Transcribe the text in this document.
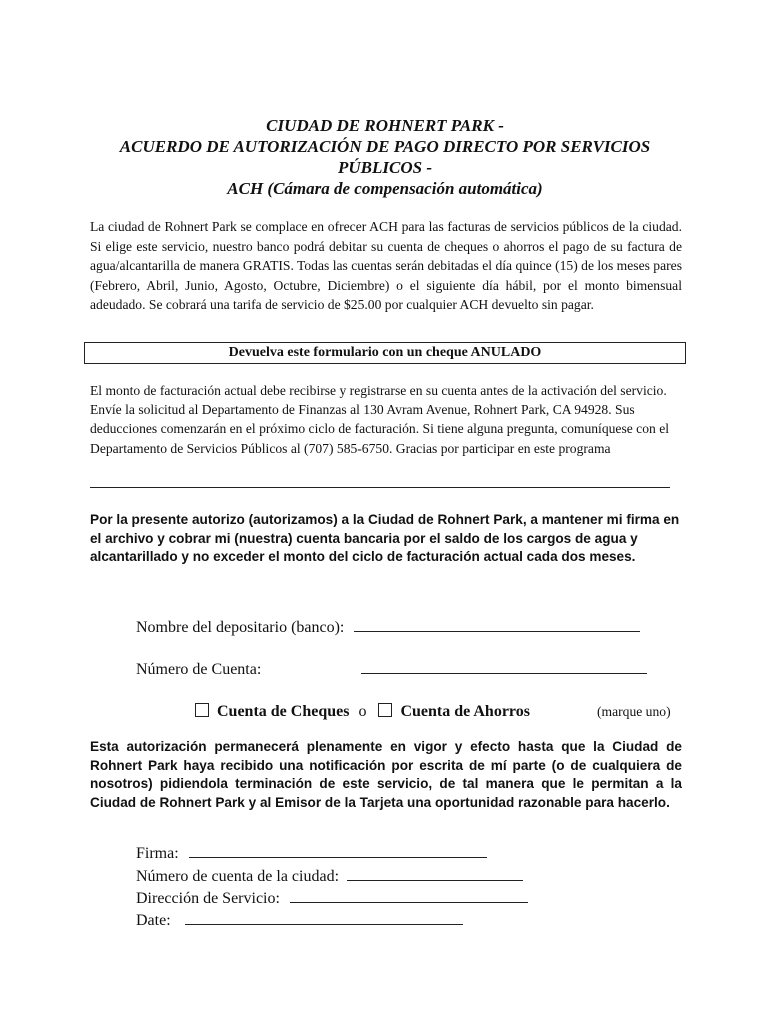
CIUDAD DE ROHNERT PARK -
ACUERDO DE AUTORIZACIÓN DE PAGO DIRECTO POR SERVICIOS
PÚBLICOS -
ACH (Cámara de compensación automática)
La ciudad de Rohnert Park se complace en ofrecer ACH para las facturas de servicios públicos de la ciudad. Si elige este servicio, nuestro banco podrá debitar su cuenta de cheques o ahorros el pago de su factura de agua/alcantarilla de manera GRATIS. Todas las cuentas serán debitadas el día quince (15) de los meses pares (Febrero, Abril, Junio, Agosto, Octubre, Diciembre) o el siguiente día hábil, por el monto bimensual adeudado. Se cobrará una tarifa de servicio de $25.00 por cualquier ACH devuelto sin pagar.
Devuelva este formulario con un cheque ANULADO
El monto de facturación actual debe recibirse y registrarse en su cuenta antes de la activación del servicio. Envíe la solicitud al Departamento de Finanzas al 130 Avram Avenue, Rohnert Park, CA 94928. Sus deducciones comenzarán en el próximo ciclo de facturación. Si tiene alguna pregunta, comuníquese con el Departamento de Servicios Públicos al (707) 585-6750. Gracias por participar en este programa
Por la presente autorizo (autorizamos) a la Ciudad de Rohnert Park, a mantener mi firma en el archivo y cobrar mi (nuestra) cuenta bancaria por el saldo de los cargos de agua y alcantarillado y no exceder el monto del ciclo de facturación actual cada dos meses.
Nombre del depositario (banco):
Número de Cuenta:
Cuenta de Cheques o Cuenta de Ahorros	(marque uno)
Esta autorización permanecerá plenamente en vigor y efecto hasta que la Ciudad de Rohnert Park haya recibido una notificación por escrita de mí parte (o de cualquiera de nosotros) pidiendola terminación de este servicio, de tal manera que le permitan a la Ciudad de Rohnert Park y al Emisor de la Tarjeta una oportunidad razonable para hacerlo.
Firma:
Número de cuenta de la ciudad:
Dirección de Servicio:
Date:
